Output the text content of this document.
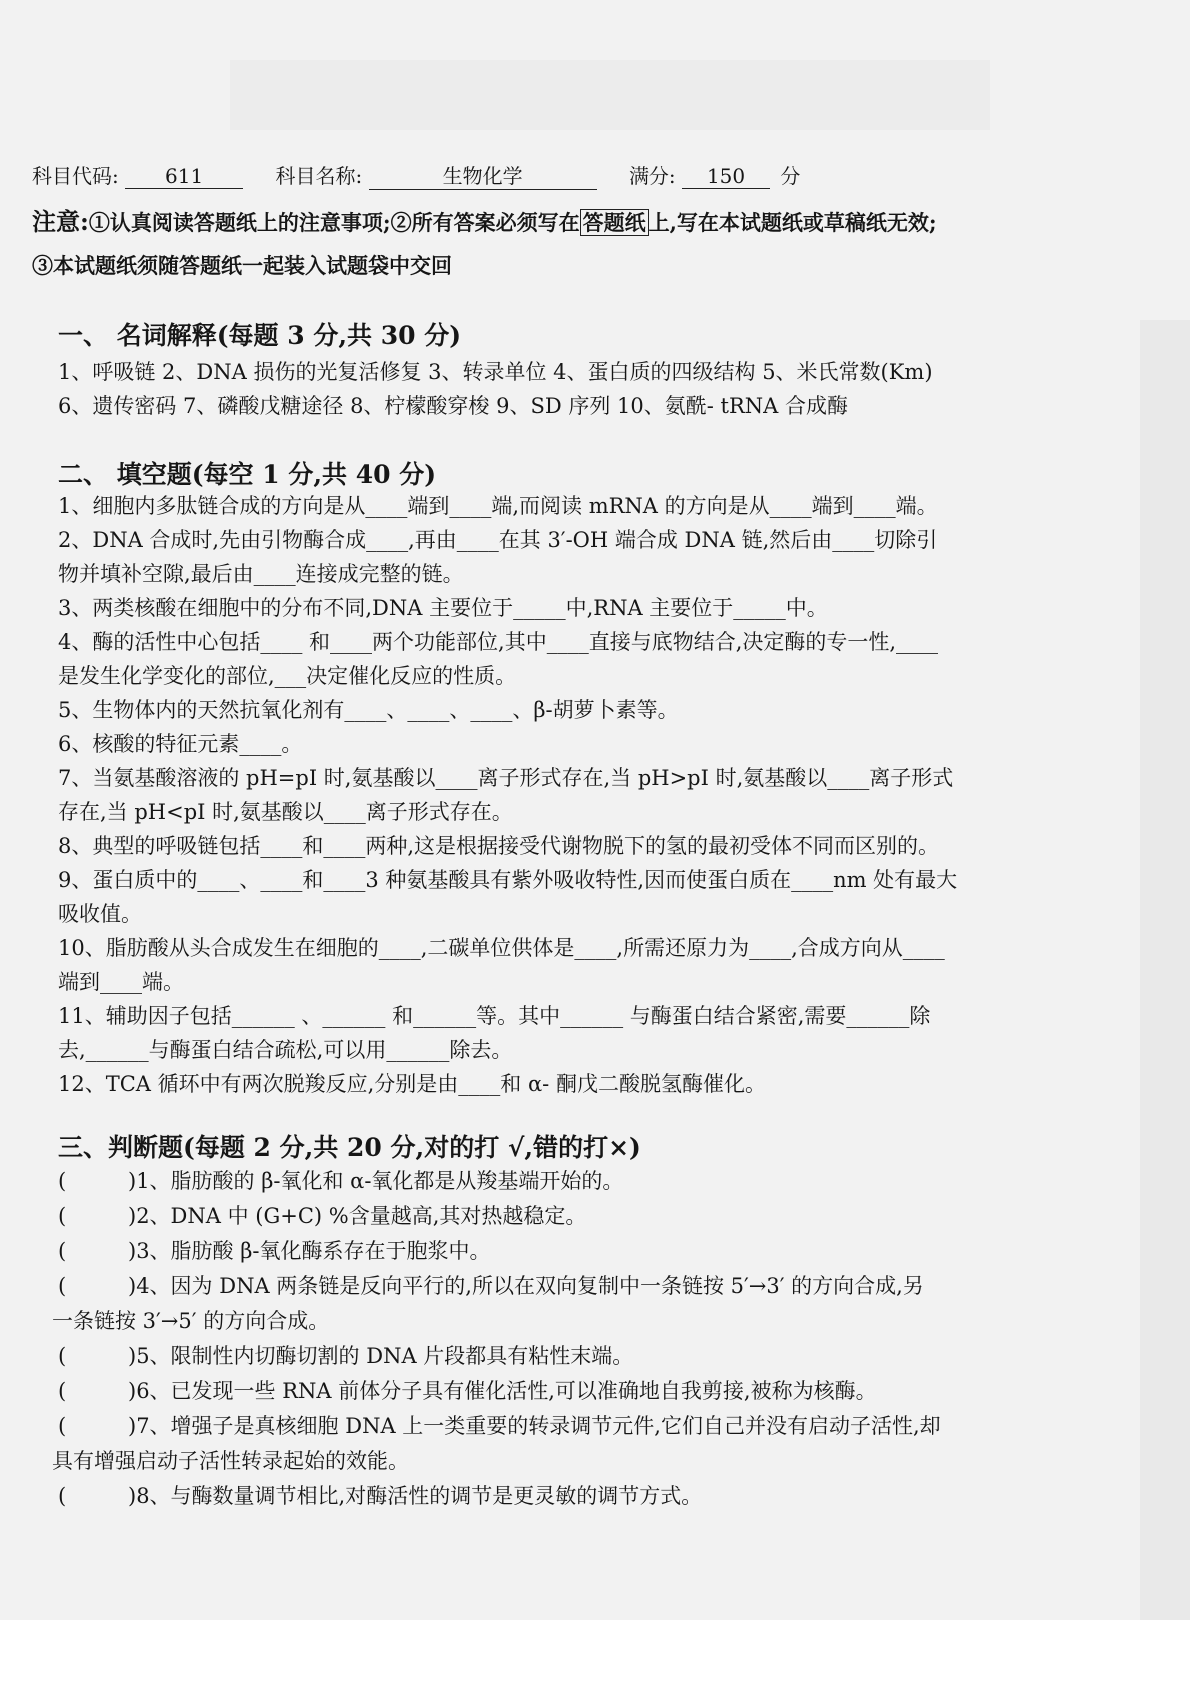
科目代码: 611	科目名称:	生物化学	满分: 150 分
注意:①认真阅读答题纸上的注意事项;②所有答案必须写在 答题纸 上,写在本试题纸或草稿纸无效;
③本试题纸须随答题纸一起装入试题袋中交回
一、 名词解释(每题 3 分,共 30 分)
1、呼吸链 2、DNA 损伤的光复活修复 3、转录单位 4、蛋白质的四级结构 5、米氏常数(Km)
6、遗传密码 7、磷酸戊糖途径 8、柠檬酸穿梭 9、SD 序列 10、氨酰- tRNA 合成酶
二、 填空题(每空 1 分,共 40 分)
1、细胞内多肽链合成的方向是从____端到____端,而阅读 mRNA 的方向是从____端到____端。
2、DNA 合成时,先由引物酶合成____,再由____在其 3′-OH 端合成 DNA 链,然后由____切除引
物并填补空隙,最后由____连接成完整的链。
3、两类核酸在细胞中的分布不同,DNA 主要位于_____中,RNA 主要位于_____中。
4、酶的活性中心包括____ 和____两个功能部位,其中____直接与底物结合,决定酶的专一性,____
是发生化学变化的部位,___决定催化反应的性质。
5、生物体内的天然抗氧化剂有____、____、____、β-胡萝卜素等。
6、核酸的特征元素____。
7、当氨基酸溶液的 pH=pI 时,氨基酸以____离子形式存在,当 pH>pI 时,氨基酸以____离子形式
存在,当 pH<pI 时,氨基酸以____离子形式存在。
8、典型的呼吸链包括____和____两种,这是根据接受代谢物脱下的氢的最初受体不同而区别的。
9、蛋白质中的____、____和____3 种氨基酸具有紫外吸收特性,因而使蛋白质在____nm 处有最大
吸收值。
10、脂肪酸从头合成发生在细胞的____,二碳单位供体是____,所需还原力为____,合成方向从____
端到____端。
11、辅助因子包括______ 、______ 和______等。其中______ 与酶蛋白结合紧密,需要______除
去,______与酶蛋白结合疏松,可以用______除去。
12、TCA 循环中有两次脱羧反应,分别是由____和 α- 酮戊二酸脱氢酶催化。
三、判断题(每题 2 分,共 20 分,对的打 √,错的打×)
(	)1、脂肪酸的 β-氧化和 α-氧化都是从羧基端开始的。
(	)2、DNA 中 (G+C) %含量越高,其对热越稳定。
(	)3、脂肪酸 β-氧化酶系存在于胞浆中。
(	)4、因为 DNA 两条链是反向平行的,所以在双向复制中一条链按 5′→3′ 的方向合成,另
一条链按 3′→5′ 的方向合成。
(	)5、限制性内切酶切割的 DNA 片段都具有粘性末端。
(	)6、已发现一些 RNA 前体分子具有催化活性,可以准确地自我剪接,被称为核酶。
(	)7、增强子是真核细胞 DNA 上一类重要的转录调节元件,它们自己并没有启动子活性,却
具有增强启动子活性转录起始的效能。
(	)8、与酶数量调节相比,对酶活性的调节是更灵敏的调节方式。
